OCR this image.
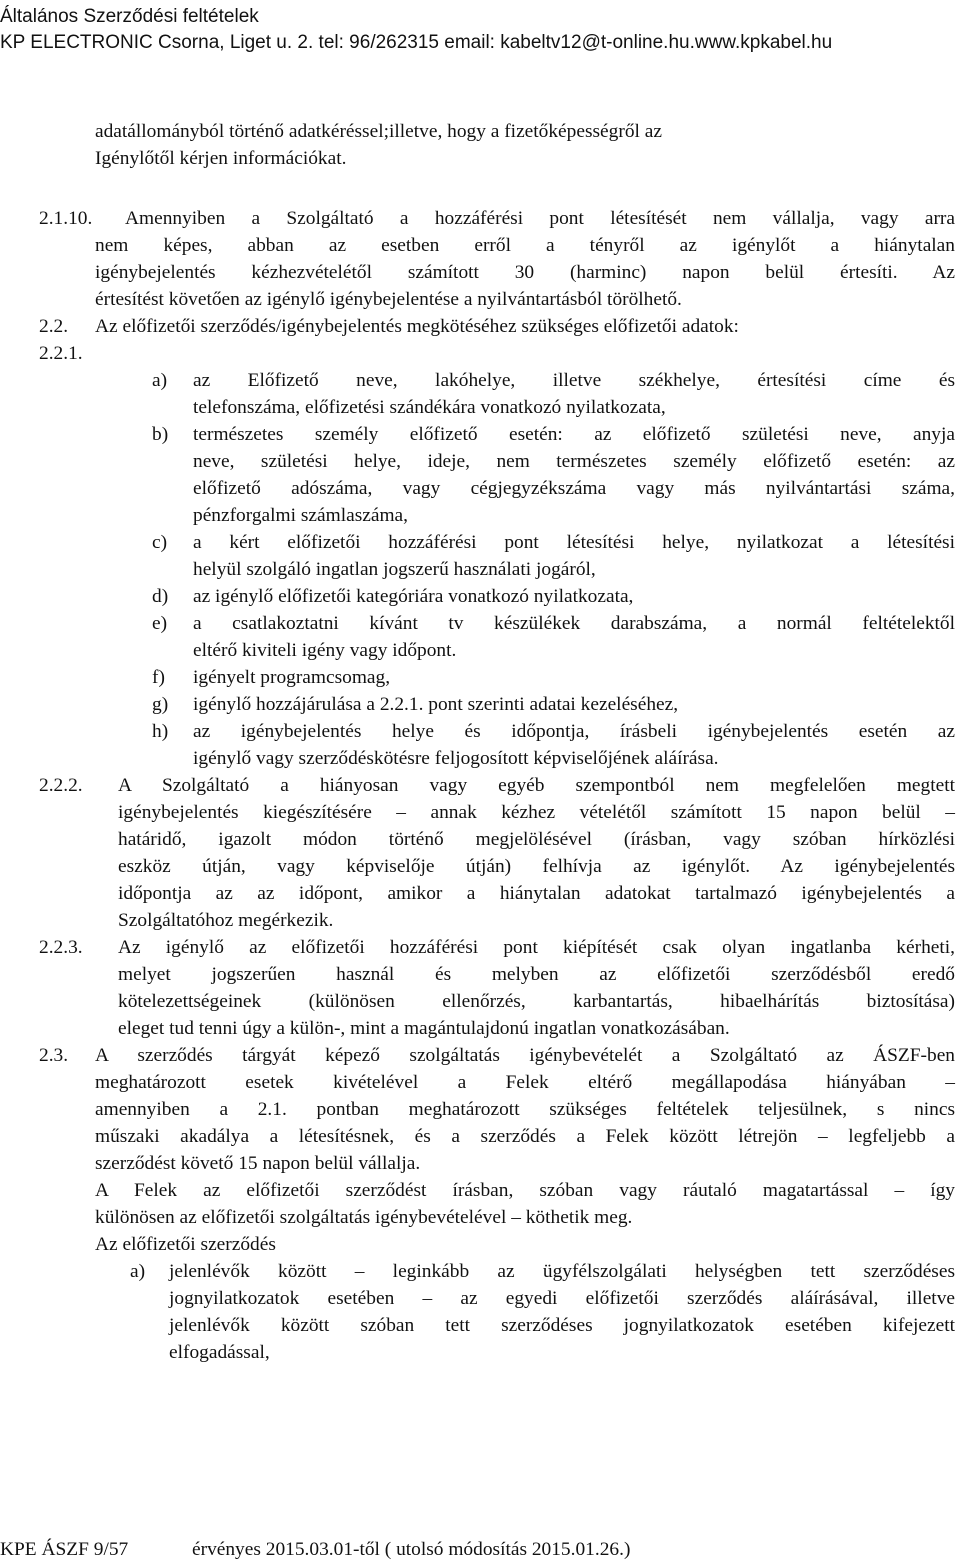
Általános Szerződési feltételek
KP ELECTRONIC Csorna, Liget u. 2. tel: 96/262315 email: kabeltv12@t-online.hu.www.kpkabel.hu
adatállományból történő adatkéréssel;illetve, hogy a fizetőképességről az
Igénylőtől kérjen információkat.
2.1.10. Amennyiben a Szolgáltató a hozzáférési pont létesítését nem vállalja, vagy arra
nem képes, abban az esetben erről a tényről az igénylőt a hiánytalan
igénybejelentés kézhezvételétől számított 30 (harminc) napon belül értesíti. Az
értesítést követően az igénylő igénybejelentése a nyilvántartásból törölhető.
2.2. Az előfizetői szerződés/igénybejelentés megkötéséhez szükséges előfizetői adatok:
2.2.1.
a) az Előfizető neve, lakóhelye, illetve székhelye, értesítési címe és
telefonszáma, előfizetési szándékára vonatkozó nyilatkozata,
b) természetes személy előfizető esetén: az előfizető születési neve, anyja
neve, születési helye, ideje, nem természetes személy előfizető esetén: az
előfizető adószáma, vagy cégjegyzékszáma vagy más nyilvántartási száma,
pénzforgalmi számlaszáma,
c) a kért előfizetői hozzáférési pont létesítési helye, nyilatkozat a létesítési
helyül szolgáló ingatlan jogszerű használati jogáról,
d) az igénylő előfizetői kategóriára vonatkozó nyilatkozata,
e) a csatlakoztatni kívánt tv készülékek darabszáma, a normál feltételektől
eltérő kiviteli igény vagy időpont.
f) igényelt programcsomag,
g) igénylő hozzájárulása a 2.2.1. pont szerinti adatai kezeléséhez,
h) az igénybejelentés helye és időpontja, írásbeli igénybejelentés esetén az
igénylő vagy szerződéskötésre feljogosított képviselőjének aláírása.
2.2.2. A Szolgáltató a hiányosan vagy egyéb szempontból nem megfelelően megtett
igénybejelentés kiegészítésére – annak kézhez vételétől számított 15 napon belül –
határidő, igazolt módon történő megjelölésével (írásban, vagy szóban hírközlési
eszköz útján, vagy képviselője útján) felhívja az igénylőt. Az igénybejelentés
időpontja az az időpont, amikor a hiánytalan adatokat tartalmazó igénybejelentés a
Szolgáltatóhoz megérkezik.
2.2.3. Az igénylő az előfizetői hozzáférési pont kiépítését csak olyan ingatlanba kérheti,
melyet jogszerűen használ és melyben az előfizetői szerződésből eredő
kötelezettségeinek (különösen ellenőrzés, karbantartás, hibaelhárítás biztosítása)
eleget tud tenni úgy a külön-, mint a magántulajdonú ingatlan vonatkozásában.
2.3. A szerződés tárgyát képező szolgáltatás igénybevételét a Szolgáltató az ÁSZF-ben
meghatározott esetek kivételével a Felek eltérő megállapodása hiányában –
amennyiben a 2.1. pontban meghatározott szükséges feltételek teljesülnek, s nincs
műszaki akadálya a létesítésnek, és a szerződés a Felek között létrejön – legfeljebb a
szerződést követő 15 napon belül vállalja.
A Felek az előfizetői szerződést írásban, szóban vagy ráutaló magatartással – így
különösen az előfizetői szolgáltatás igénybevételével – köthetik meg.
Az előfizetői szerződés
a) jelenlévők között – leginkább az ügyfélszolgálati helységben tett szerződéses
jognyilatkozatok esetében – az egyedi előfizetői szerződés aláírásával, illetve
jelenlévők között szóban tett szerződéses jognyilatkozatok esetében kifejezett
elfogadással,
KPE ÁSZF 9/57	érvényes 2015.03.01-től ( utolsó módosítás 2015.01.26.)
